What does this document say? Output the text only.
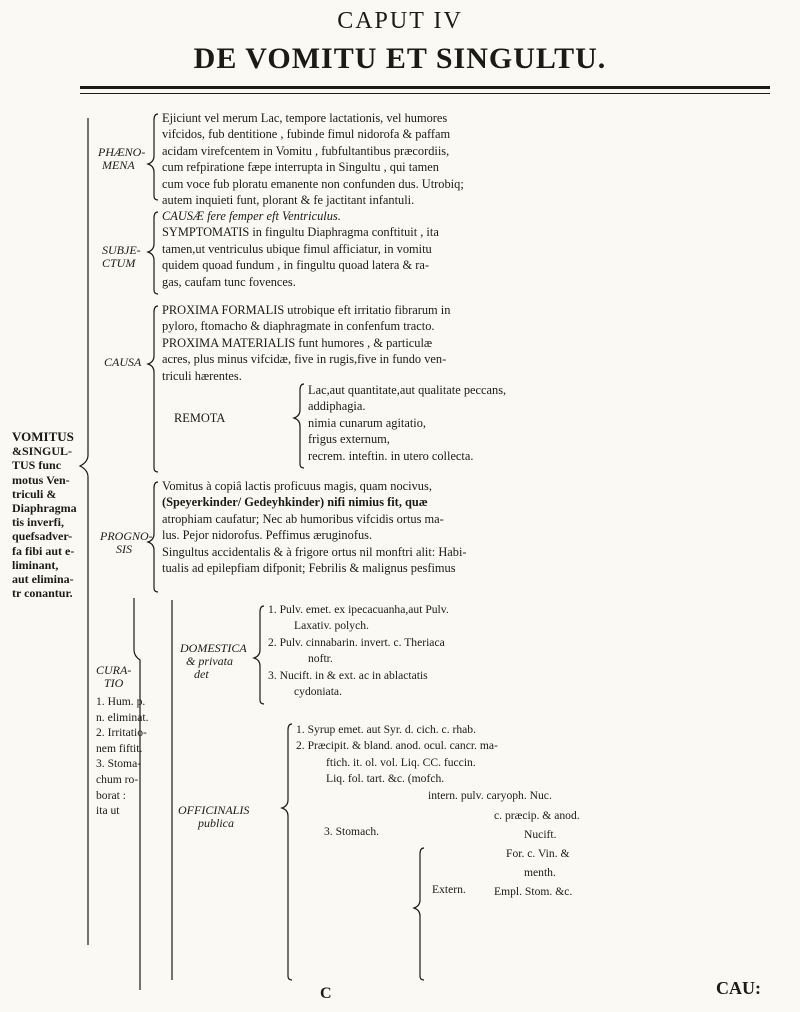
CAPUT IV
DE VOMITU ET SINGULTU.
VOMITUS
&SINGUL-
TUS func
motus Ven-
triculi &
Diaphragma
tis inverfi,
quefsadver-
fa fibi aut e-
liminant,
aut elimina-
tr conantur.
PHÆNO-
MENA
Ejiciunt vel merum Lac, tempore lactationis, vel humores
vifcidos, fub dentitione , fubinde fimul nidorofa & paffam
acidam virefcentem in Vomitu , fubfultantibus præcordiis,
cum refpiratione fæpe interrupta in Singultu , qui tamen
cum voce fub ploratu emanente non confunden dus. Utrobiq;
autem inquieti funt, plorant & fe jactitant infantuli.
SUBJE-
CTUM
CAUSÆ fere femper eft Ventriculus.
SYMPTOMATIS in fingultu Diaphragma conftituit , ita
tamen,ut ventriculus ubique fimul afficiatur, in vomitu
quidem quoad fundum , in fingultu quoad latera & ra-
gas, caufam tunc fovences.
CAUSA
PROXIMA FORMALIS utrobique eft irritatio fibrarum in
pyloro, ftomacho & diaphragmate in confenfum tracto.
PROXIMA MATERIALIS funt humores , & particulæ
acres, plus minus vifcidæ, five in rugis,five in fundo ven-
triculi hærentes.
REMOTA
Lac,aut quantitate,aut qualitate peccans,
addiphagia.
nimia cunarum agitatio,
frigus externum,
recrem. inteftin. in utero collecta.
PROGNO-
SIS
Vomitus à copiâ lactis proficuus magis, quam nocivus,
(Speyerkinder/ Gedeyhkinder) nifi nimius fit, quæ
atrophiam caufatur; Nec ab humoribus vifcidis ortus ma-
lus. Pejor nidorofus. Peffimus æruginofus.
Singultus accidentalis & à frigore ortus nil monftri alit: Habi-
tualis ad epilepfiam difponit; Febrilis & malignus pesfimus
CURA-
TIO
1. Hum. p.
n. eliminat.
2. Irritatio-
nem fiftit.
3. Stoma-
chum ro-
borat :
ita ut
DOMESTICA
& privata
det
1. Pulv. emet. ex ipecacuanha,aut Pulv.
Laxativ. polych.
2. Pulv. cinnabarin. invert. c. Theriaca
noftr.
3. Nucift. in & ext. ac in ablactatis
cydoniata.
OFFICINALIS
publica
1. Syrup emet. aut Syr. d. cich. c. rhab.
2. Præcipit. & bland. anod. ocul. cancr. ma-
ftich. it. ol. vol. Liq. CC. fuccin.
Liq. fol. tart. &c. (mofch.
intern. pulv. caryoph. Nuc.
3. Stomach.
c. præcip. & anod.
Nucift.
For. c. Vin. &
menth.
Empl. Stom. &c.
Extern.
C	CAU:
